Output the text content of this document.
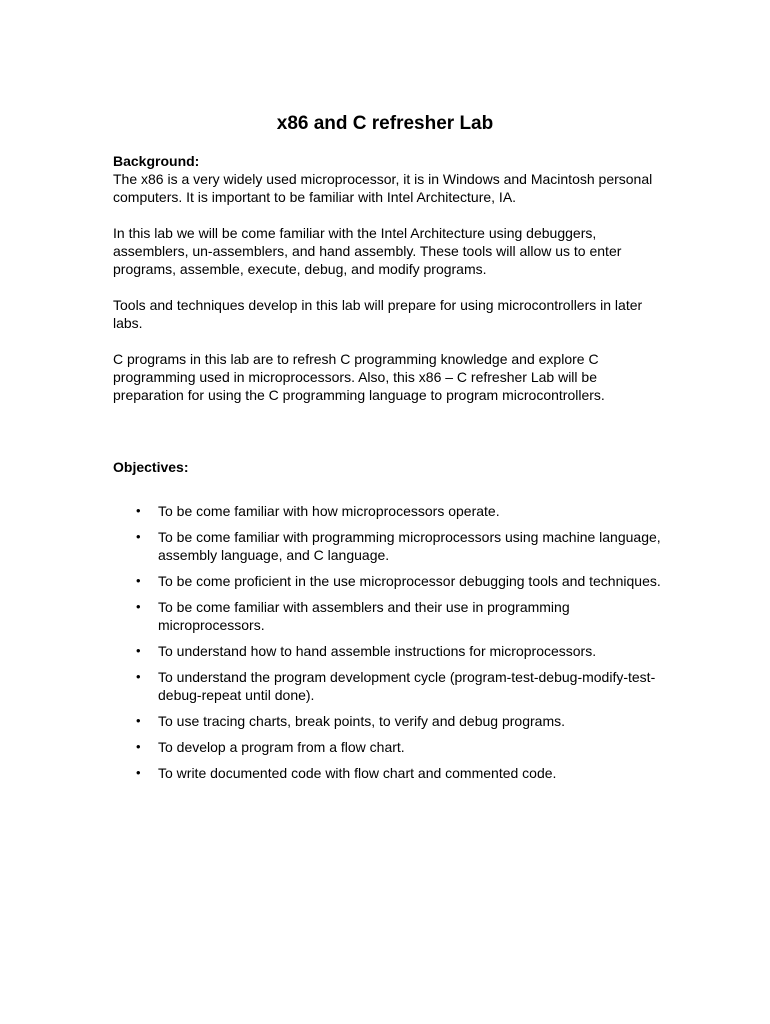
x86 and C refresher Lab

Background:

The x86 is a very widely used microprocessor, it is in Windows and Macintosh personal computers. It is important to be familiar with Intel Architecture, IA.

In this lab we will be come familiar with the Intel Architecture using debuggers, assemblers, un-assemblers, and hand assembly. These tools will allow us to enter programs, assemble, execute, debug, and modify programs.

Tools and techniques develop in this lab will prepare for using microcontrollers in later labs.

C programs in this lab are to refresh C programming knowledge and explore C programming used in microprocessors. Also, this x86 – C refresher Lab will be preparation for using the C programming language to program microcontrollers.

Objectives:

• To be come familiar with how microprocessors operate.
• To be come familiar with programming microprocessors using machine language, assembly language, and C language.
• To be come proficient in the use microprocessor debugging tools and techniques.
• To be come familiar with assemblers and their use in programming microprocessors.
• To understand how to hand assemble instructions for microprocessors.
• To understand the program development cycle (program-test-debug-modify-test-debug-repeat until done).
• To use tracing charts, break points, to verify and debug programs.
• To develop a program from a flow chart.
• To write documented code with flow chart and commented code.
